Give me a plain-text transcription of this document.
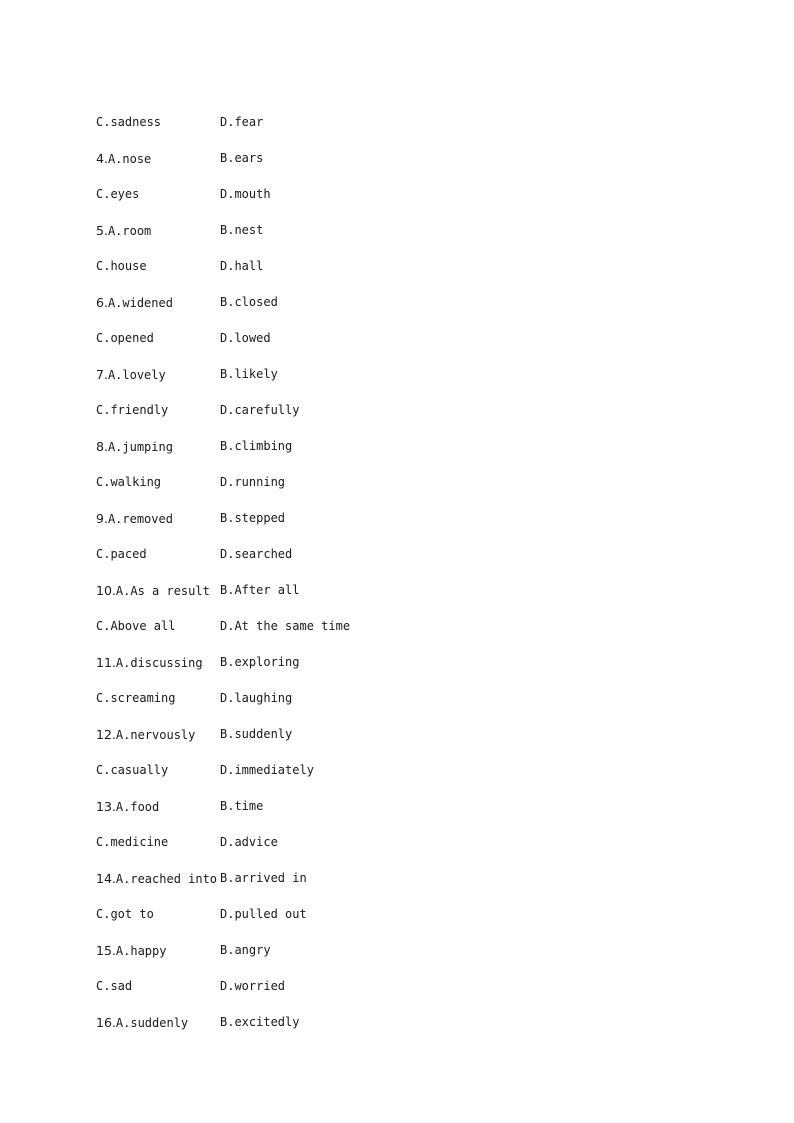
C.sadness	D.fear
4.A.nose	B.ears
C.eyes	D.mouth
5.A.room	B.nest
C.house	D.hall
6.A.widened	B.closed
C.opened	D.lowed
7.A.lovely	B.likely
C.friendly	D.carefully
8.A.jumping	B.climbing
C.walking	D.running
9.A.removed	B.stepped
C.paced	D.searched
10.A.As a result B.After all
C.Above all	D.At the same time
11.A.discussing	B.exploring
C.screaming	D.laughing
12.A.nervously	B.suddenly
C.casually	D.immediately
13.A.food	B.time
C.medicine	D.advice
14.A.reached into B.arrived in
C.got to	D.pulled out
15.A.happy	B.angry
C.sad	D.worried
16.A.suddenly	B.excitedly
